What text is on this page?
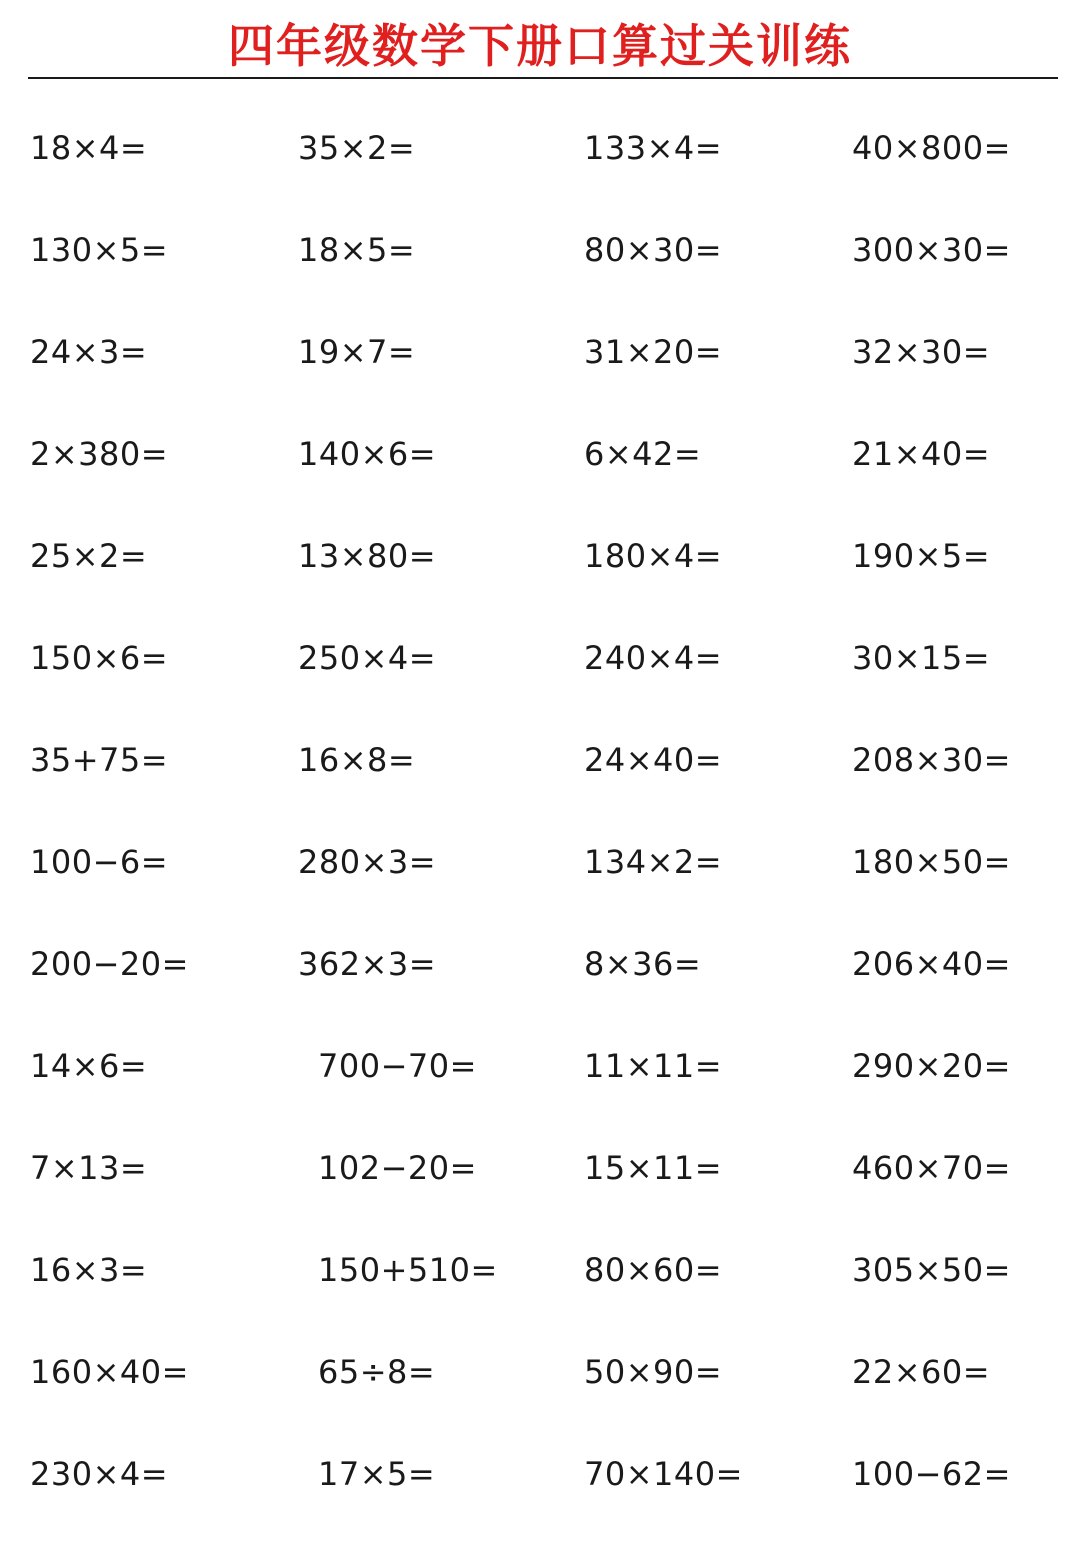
四年级数学下册口算过关训练
18×4=	35×2=	133×4=	40×800=
130×5=	18×5=	80×30=	300×30=
24×3=	19×7=	31×20=	32×30=
2×380=	140×6=	6×42=	21×40=
25×2=	13×80=	180×4=	190×5=
150×6=	250×4=	240×4=	30×15=
35+75=	16×8=	24×40=	208×30=
100−6=	280×3=	134×2=	180×50=
200−20=	362×3=	8×36=	206×40=
14×6=	700−70=	11×11=	290×20=
7×13=	102−20=	15×11=	460×70=
16×3=	150+510=	80×60=	305×50=
160×40=	65÷8=	50×90=	22×60=
230×4=	17×5=	70×140=	100−62=
